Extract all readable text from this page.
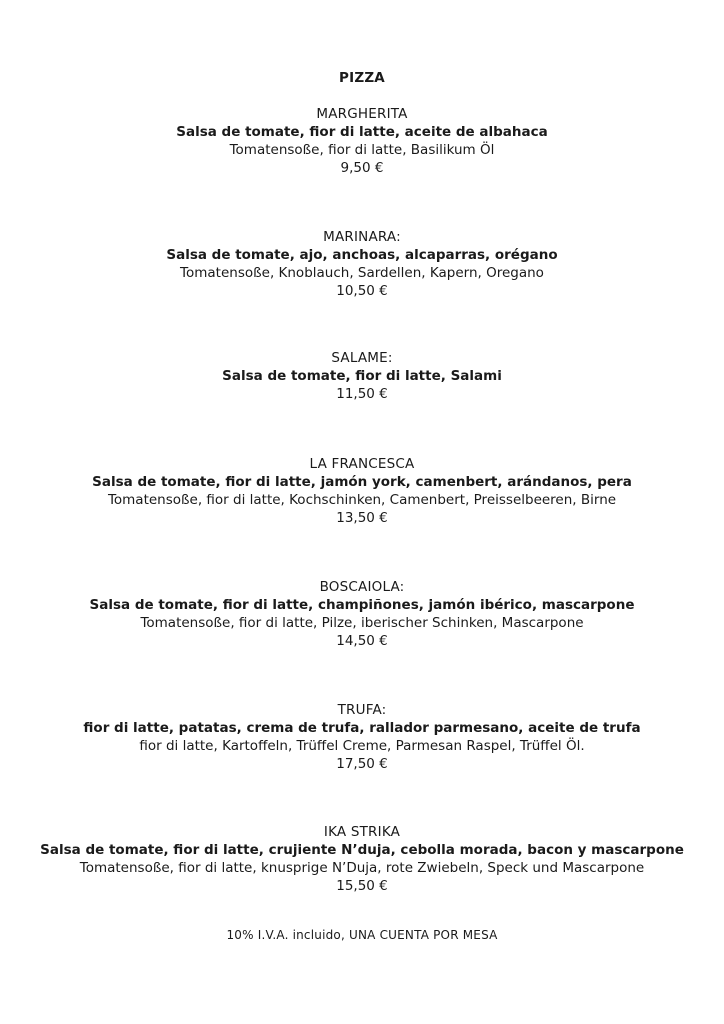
PIZZA
MARGHERITA
Salsa de tomate, fior di latte, aceite de albahaca
Tomatensoße, fior di latte, Basilikum Öl
9,50 €
MARINARA:
Salsa de tomate, ajo, anchoas, alcaparras, orégano
Tomatensoße, Knoblauch, Sardellen, Kapern, Oregano
10,50 €
SALAME:
Salsa de tomate, fior di latte, Salami
11,50 €
LA FRANCESCA
Salsa de tomate, fior di latte, jamón york, camenbert, arándanos, pera
Tomatensoße, fior di latte, Kochschinken, Camenbert, Preisselbeeren, Birne
13,50 €
BOSCAIOLA:
Salsa de tomate, fior di latte, champiñones, jamón ibérico, mascarpone
Tomatensoße, fior di latte, Pilze, iberischer Schinken, Mascarpone
14,50 €
TRUFA:
fior di latte, patatas, crema de trufa, rallador parmesano, aceite de trufa
fior di latte, Kartoffeln, Trüffel Creme, Parmesan Raspel, Trüffel Öl.
17,50 €
IKA STRIKA
Salsa de tomate, fior di latte, crujiente N’duja, cebolla morada, bacon y mascarpone
Tomatensoße, fior di latte, knusprige N’Duja, rote Zwiebeln, Speck und Mascarpone
15,50 €
10% I.V.A. incluido, UNA CUENTA POR MESA
